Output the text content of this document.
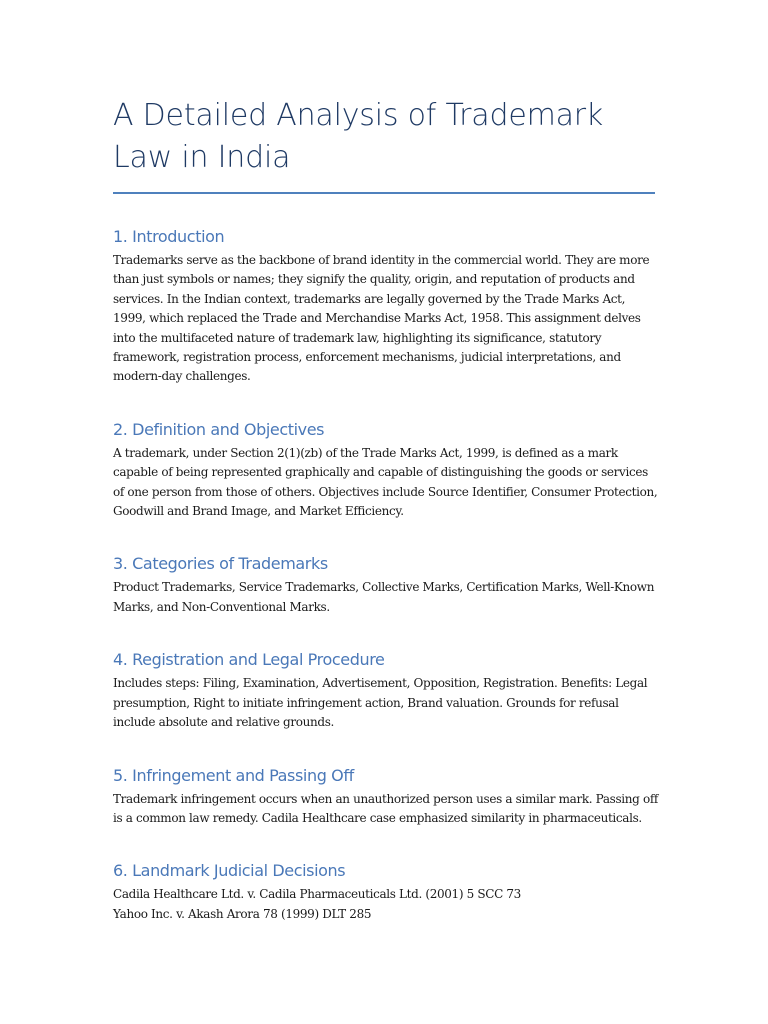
A Detailed Analysis of Trademark Law in India
1. Introduction

Trademarks serve as the backbone of brand identity in the commercial world. They are more than just symbols or names; they signify the quality, origin, and reputation of products and services. In the Indian context, trademarks are legally governed by the Trade Marks Act, 1999, which replaced the Trade and Merchandise Marks Act, 1958. This assignment delves into the multifaceted nature of trademark law, highlighting its significance, statutory framework, registration process, enforcement mechanisms, judicial interpretations, and modern-day challenges.

2. Definition and Objectives

A trademark, under Section 2(1)(zb) of the Trade Marks Act, 1999, is defined as a mark capable of being represented graphically and capable of distinguishing the goods or services of one person from those of others. Objectives include Source Identifier, Consumer Protection, Goodwill and Brand Image, and Market Efficiency.

3. Categories of Trademarks

Product Trademarks, Service Trademarks, Collective Marks, Certification Marks, Well-Known Marks, and Non-Conventional Marks.

4. Registration and Legal Procedure

Includes steps: Filing, Examination, Advertisement, Opposition, Registration. Benefits: Legal presumption, Right to initiate infringement action, Brand valuation. Grounds for refusal include absolute and relative grounds.

5. Infringement and Passing Off

Trademark infringement occurs when an unauthorized person uses a similar mark. Passing off is a common law remedy. Cadila Healthcare case emphasized similarity in pharmaceuticals.

6. Landmark Judicial Decisions

Cadila Healthcare Ltd. v. Cadila Pharmaceuticals Ltd. (2001) 5 SCC 73
Yahoo Inc. v. Akash Arora 78 (1999) DLT 285
